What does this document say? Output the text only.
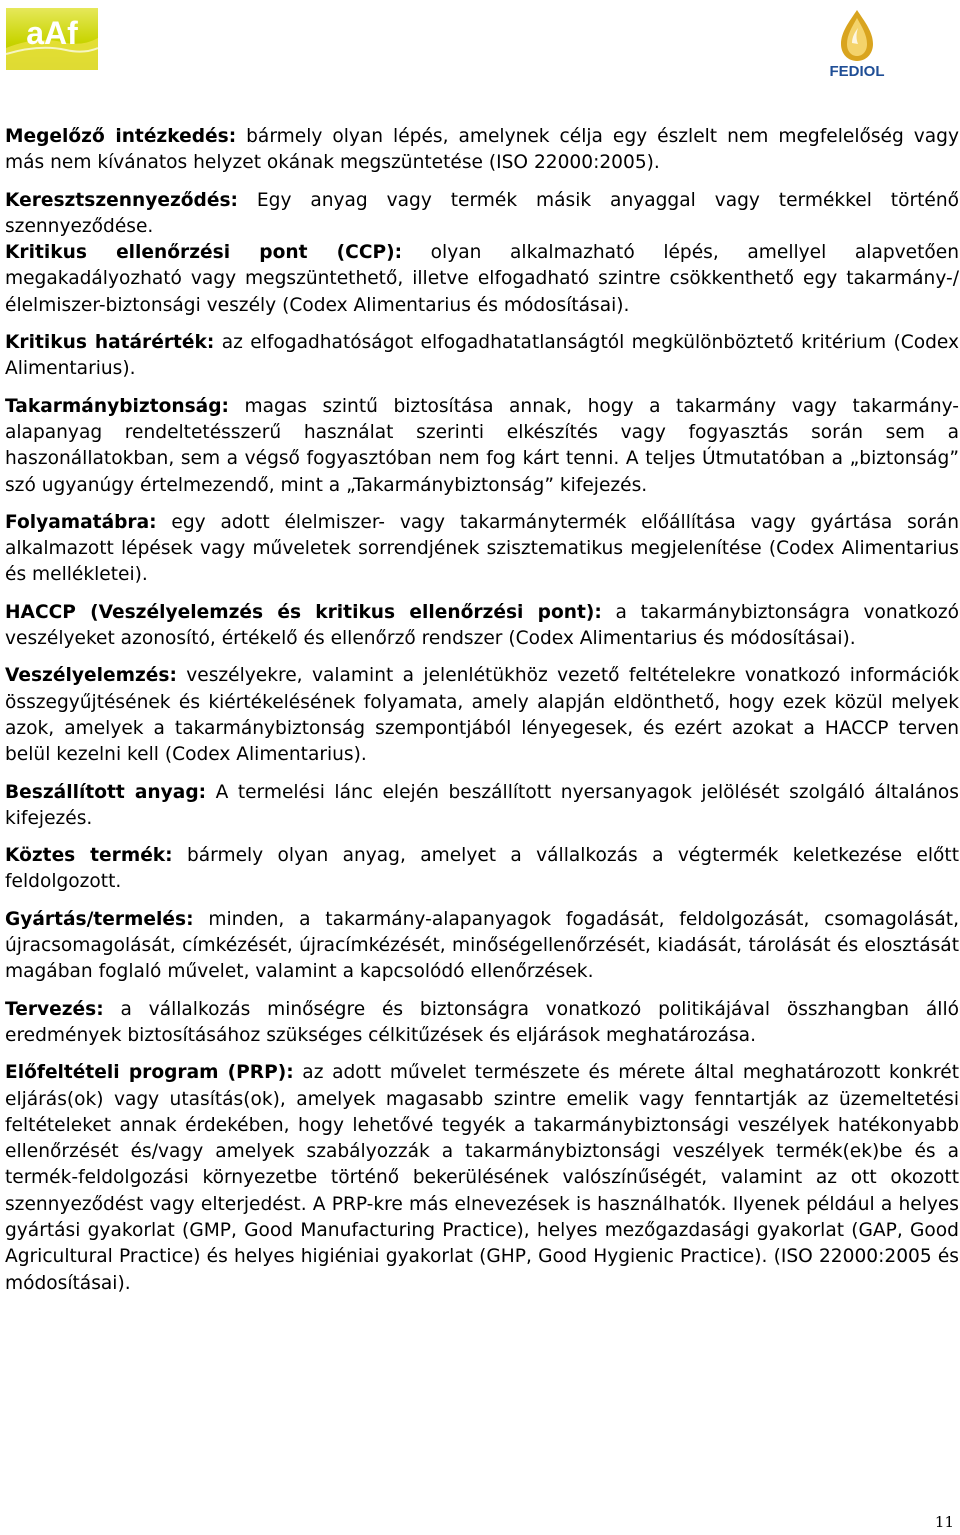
aAf
FEDIOL

Megelőző intézkedés: bármely olyan lépés, amelynek célja egy észlelt nem megfelelőség vagy más nem kívánatos helyzet okának megszüntetése (ISO 22000:2005).

Keresztszennyeződés: Egy anyag vagy termék másik anyaggal vagy termékkel történő szennyeződése.

Kritikus ellenőrzési pont (CCP): olyan alkalmazható lépés, amellyel alapvetően megakadályozható vagy megszüntethető, illetve elfogadható szintre csökkenthető egy takarmány-/élelmiszer-biztonsági veszély (Codex Alimentarius és módosításai).

Kritikus határérték: az elfogadhatóságot elfogadhatatlanságtól megkülönböztető kritérium (Codex Alimentarius).

Takarmánybiztonság: magas szintű biztosítása annak, hogy a takarmány vagy takarmány-alapanyag rendeltetésszerű használat szerinti elkészítés vagy fogyasztás során sem a haszonállatokban, sem a végső fogyasztóban nem fog kárt tenni. A teljes Útmutatóban a „biztonság” szó ugyanúgy értelmezendő, mint a „Takarmánybiztonság” kifejezés.

Folyamatábra: egy adott élelmiszer- vagy takarmánytermék előállítása vagy gyártása során alkalmazott lépések vagy műveletek sorrendjének szisztematikus megjelenítése (Codex Alimentarius és mellékletei).

HACCP (Veszélyelemzés és kritikus ellenőrzési pont): a takarmánybiztonságra vonatkozó veszélyeket azonosító, értékelő és ellenőrző rendszer (Codex Alimentarius és módosításai).

Veszélyelemzés: veszélyekre, valamint a jelenlétükhöz vezető feltételekre vonatkozó információk összegyűjtésének és kiértékelésének folyamata, amely alapján eldönthető, hogy ezek közül melyek azok, amelyek a takarmánybiztonság szempontjából lényegesek, és ezért azokat a HACCP terven belül kezelni kell (Codex Alimentarius).

Beszállított anyag: A termelési lánc elején beszállított nyersanyagok jelölését szolgáló általános kifejezés.

Köztes termék: bármely olyan anyag, amelyet a vállalkozás a végtermék keletkezése előtt feldolgozott.

Gyártás/termelés: minden, a takarmány-alapanyagok fogadását, feldolgozását, csomagolását, újracsomagolását, címkézését, újracímkézését, minőségellenőrzését, kiadását, tárolását és elosztását magában foglaló művelet, valamint a kapcsolódó ellenőrzések.

Tervezés: a vállalkozás minőségre és biztonságra vonatkozó politikájával összhangban álló eredmények biztosításához szükséges célkitűzések és eljárások meghatározása.

Előfeltételi program (PRP): az adott művelet természete és mérete által meghatározott konkrét eljárás(ok) vagy utasítás(ok), amelyek magasabb szintre emelik vagy fenntartják az üzemeltetési feltételeket annak érdekében, hogy lehetővé tegyék a takarmánybiztonsági veszélyek hatékonyabb ellenőrzését és/vagy amelyek szabályozzák a takarmánybiztonsági veszélyek termék(ek)be és a termék-feldolgozási környezetbe történő bekerülésének valószínűségét, valamint az ott okozott szennyeződést vagy elterjedést. A PRP-kre más elnevezések is használhatók. Ilyenek például a helyes gyártási gyakorlat (GMP, Good Manufacturing Practice), helyes mezőgazdasági gyakorlat (GAP, Good Agricultural Practice) és helyes higiéniai gyakorlat (GHP, Good Hygienic Practice). (ISO 22000:2005 és módosításai).

11
